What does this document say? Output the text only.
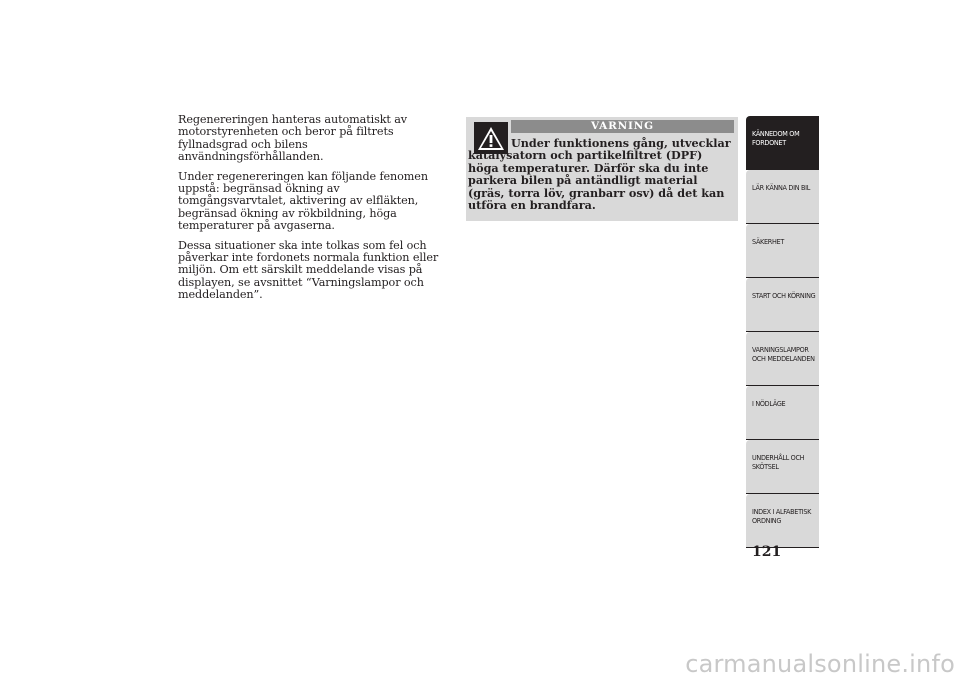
Regenereringen hanteras automatiskt av motorstyrenheten och beror på filtrets fyllnadsgrad och bilens användningsförhållanden.

Under regenereringen kan följande fenomen uppstå: begränsad ökning av tomgångsvarvtalet, aktivering av elfläkten, begränsad ökning av rökbildning, höga temperaturer på avgaserna.

Dessa situationer ska inte tolkas som fel och påverkar inte fordonets normala funktion eller miljön. Om ett särskilt meddelande visas på displayen, se avsnittet “Varningslampor och meddelanden”.

VARNING
Under funktionens gång, utvecklar katalysatorn och partikelfiltret (DPF) höga temperaturer. Därför ska du inte parkera bilen på antändligt material (gräs, torra löv, granbarr osv) då det kan utföra en brandfara.
KÄNNEDOM OM FORDONET
LÄR KÄNNA DIN BIL
SÄKERHET
START OCH KÖRNING
VARNINGSLAMPOR OCH MEDDELANDEN
I NÖDLÄGE
UNDERHÅLL OCH SKÖTSEL
INDEX I ALFABETISK ORDNING
121
carmanualsonline.info
